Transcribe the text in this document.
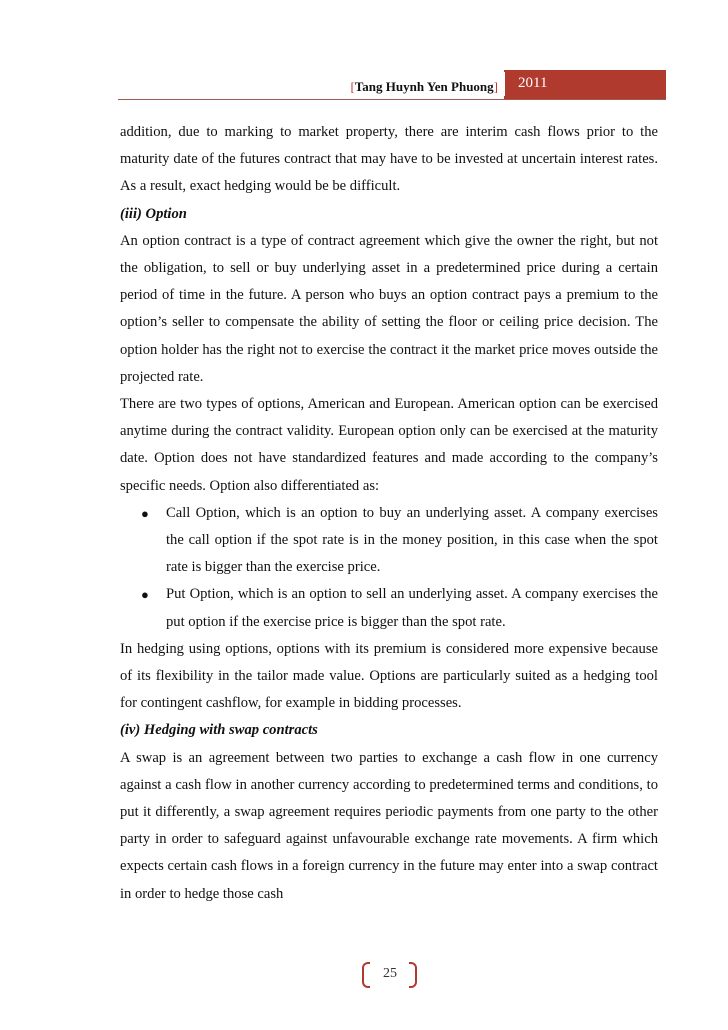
[Tang Huynh Yen Phuong] 2011

addition, due to marking to market property, there are interim cash flows prior to the maturity date of the futures contract that may have to be invested at uncertain interest rates. As a result, exact hedging would be be difficult.

(iii) Option

An option contract is a type of contract agreement which give the owner the right, but not the obligation, to sell or buy underlying asset in a predetermined price during a certain period of time in the future. A person who buys an option contract pays a premium to the option’s seller to compensate the ability of setting the floor or ceiling price decision. The option holder has the right not to exercise the contract it the market price moves outside the projected rate.

There are two types of options, American and European. American option can be exercised anytime during the contract validity. European option only can be exercised at the maturity date. Option does not have standardized features and made according to the company’s specific needs. Option also differentiated as:

● Call Option, which is an option to buy an underlying asset. A company exercises the call option if the spot rate is in the money position, in this case when the spot rate is bigger than the exercise price.
● Put Option, which is an option to sell an underlying asset. A company exercises the put option if the exercise price is bigger than the spot rate.

In hedging using options, options with its premium is considered more expensive because of its flexibility in the tailor made value. Options are particularly suited as a hedging tool for contingent cashflow, for example in bidding processes.

(iv) Hedging with swap contracts

A swap is an agreement between two parties to exchange a cash flow in one currency against a cash flow in another currency according to predetermined terms and conditions, to put it differently, a swap agreement requires periodic payments from one party to the other party in order to safeguard against unfavourable exchange rate movements. A firm which expects certain cash flows in a foreign currency in the future may enter into a swap contract in order to hedge those cash

25
